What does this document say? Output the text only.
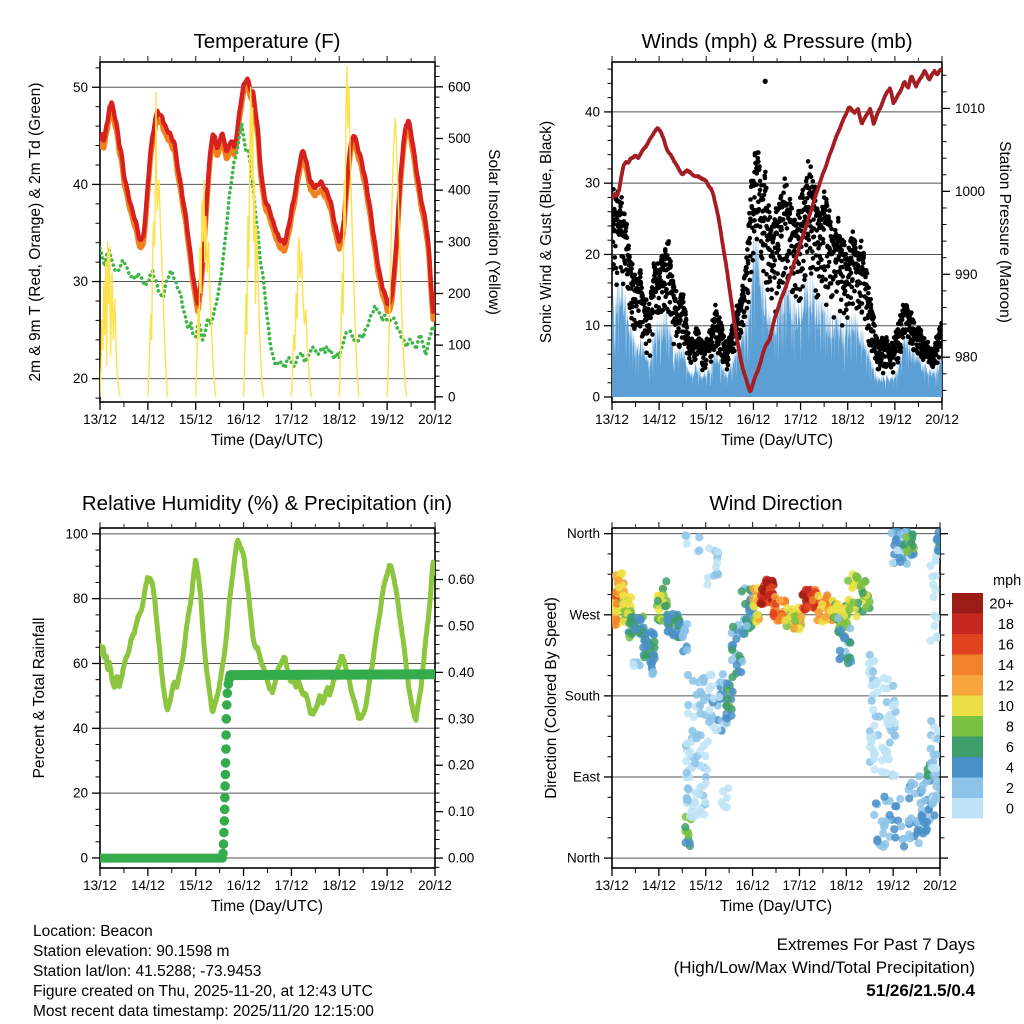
Temperature (F)	Winds (mph) & Pressure (mb)
Relative Humidity (%) & Precipitation (in)	Wind Direction
Time (Day/UTC)	Time (Day/UTC)
Time (Day/UTC)	Time (Day/UTC)
2m & 9m T (Red, Orange) & 2m Td (Green)	Solar Insolation (Yellow) Sonic Wind & Gust (Blue, Black)	Station Pressure (Maroon)
Percent & Total Rainfall	Direction (Colored By Speed)
13/12 14/12 15/12 16/12 17/12 18/12 19/12 20/12
20
30
40
50
0
100
200
300
400
500
600
13/12 14/12 15/12 16/12 17/12 18/12 19/12 20/12
0
10
20
30
40
980
990
1000
1010
13/12 14/12 15/12 16/12 17/12 18/12 19/12 20/12
0
20
40
60
80
100
0.00
0.10
0.20
0.30
0.40
0.50
0.60
13/12 14/12 15/12 16/12 17/12 18/12 19/12 20/12
North
East
South
West
North
mph
20+
18
16
14
12
10
8
6
4
2
0
Location: Beacon
Station elevation: 90.1598 m
Station lat/lon: 41.5288; -73.9453
Figure created on Thu, 2025-11-20, at 12:43 UTC
Most recent data timestamp: 2025/11/20 12:15:00
Extremes For Past 7 Days
(High/Low/Max Wind/Total Precipitation)
51/26/21.5/0.4
